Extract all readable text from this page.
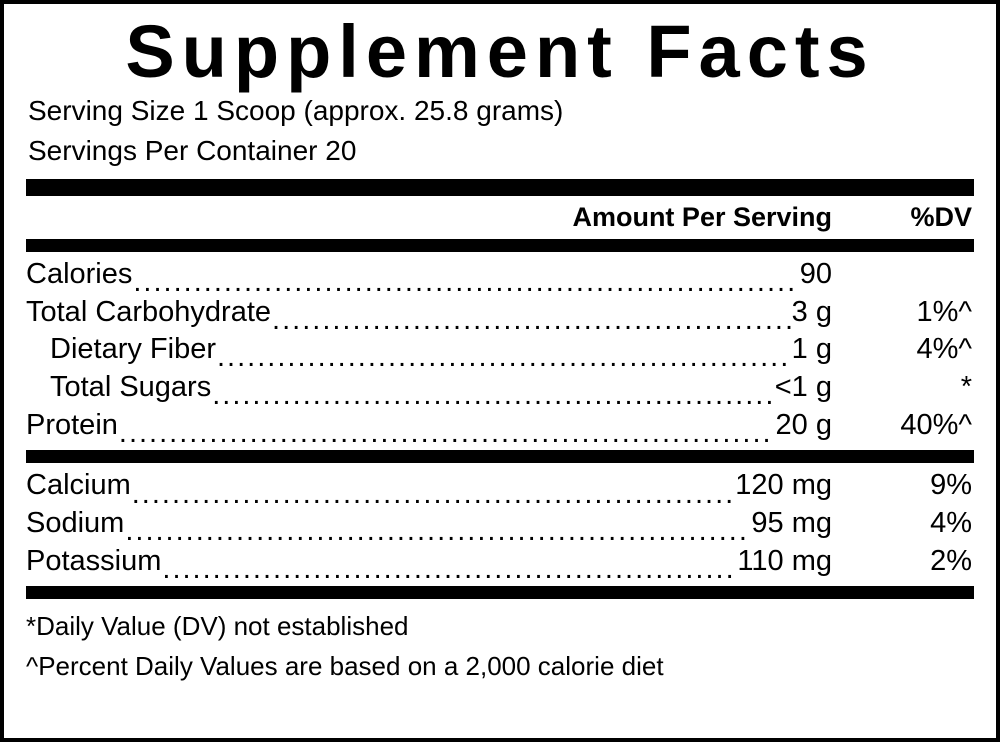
Supplement Facts
Serving Size 1 Scoop (approx. 25.8 grams)
Servings Per Container 20
Amount Per Serving	%DV
Calories .....	90
Total Carbohydrate .....	3 g	1%^
Dietary Fiber .....	1 g	4%^
Total Sugars .....	<1 g	*
Protein .....	20 g	40%^
Calcium .....	120 mg	9%
Sodium .....	95 mg	4%
Potassium .....	110 mg	2%
*Daily Value (DV) not established
^Percent Daily Values are based on a 2,000 calorie diet
